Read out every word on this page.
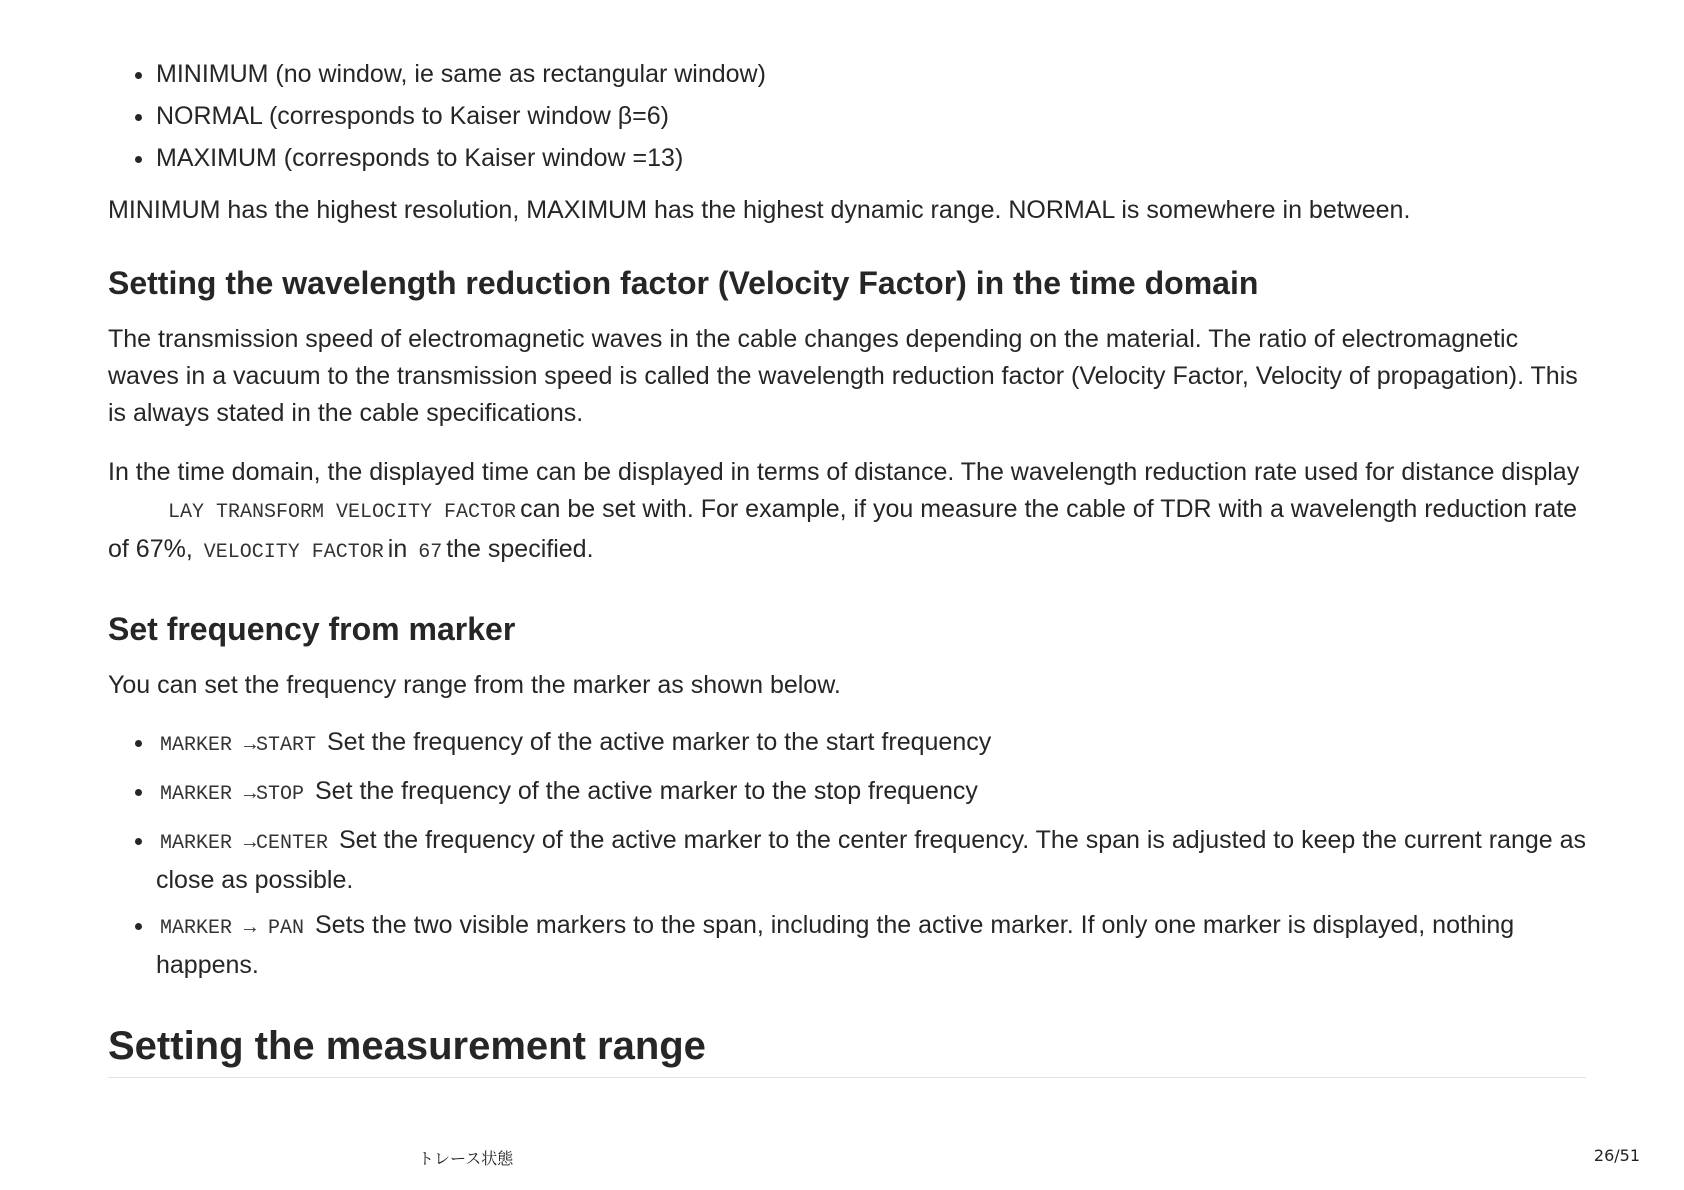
• MINIMUM (no window, ie same as rectangular window)
• NORMAL (corresponds to Kaiser window β=6)
• MAXIMUM (corresponds to Kaiser window =13)

MINIMUM has the highest resolution, MAXIMUM has the highest dynamic range. NORMAL is somewhere in between.

Setting the wavelength reduction factor (Velocity Factor) in the time domain

The transmission speed of electromagnetic waves in the cable changes depending on the material. The ratio of electromagnetic waves in a vacuum to the transmission speed is called the wavelength reduction factor (Velocity Factor, Velocity of propagation). This is always stated in the cable specifications.

In the time domain, the displayed time can be displayed in terms of distance. The wavelength reduction rate used for distance displayLAY TRANSFORM VELOCITY FACTOR can be set with. For example, if you measure the cable of TDR with a wavelength reduction rate of 67%, VELOCITY FACTOR in 67 the specified.

Set frequency from marker

You can set the frequency range from the marker as shown below.

• MARKER →START Set the frequency of the active marker to the start frequency
• MARKER →STOP Set the frequency of the active marker to the stop frequency
• MARKER →CENTER Set the frequency of the active marker to the center frequency. The span is adjusted to keep the current range as close as possible.
• MARKER → PAN Sets the two visible markers to the span, including the active marker. If only one marker is displayed, nothing happens.
Setting the measurement range
トレース状態	26/51
